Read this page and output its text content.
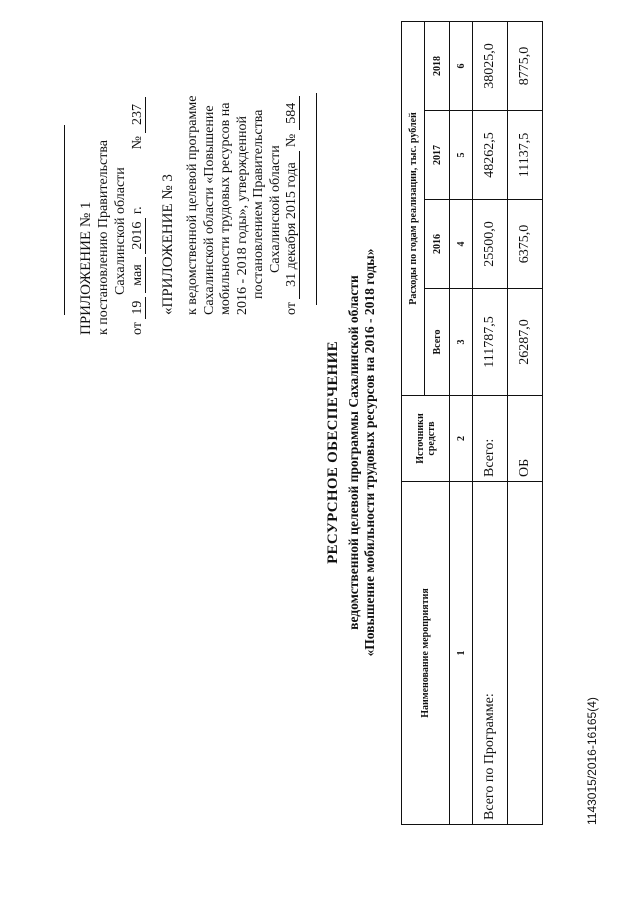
ПРИЛОЖЕНИЕ № 1 к постановлению Правительства Сахалинской области
от 19 мая 2016 г.  № 237
«ПРИЛОЖЕНИЕ № 3 к ведомственной целевой программе Сахалинской области «Повышение мобильности трудовых ресурсов на 2016 - 2018 годы», утвержденной постановлением Правительства Сахалинской области
от 31 декабря 2015 года № 584
РЕСУРСНОЕ ОБЕСПЕЧЕНИЕ ведомственной целевой программы Сахалинской области «Повышение мобильности трудовых ресурсов на 2016 - 2018 годы»	Наименование мероприятия	Источники средств	Расходы по годам реализации, тыс. рублей			
		Всего	2016	2017	2018
1	2	3	4	5	6
Всего по Программе:	Всего:	111787,5	25500,0	48262,5	38025,0
	ОБ	26287,0	6375,0	11137,5	8775,0
1143015/2016-16165(4)
